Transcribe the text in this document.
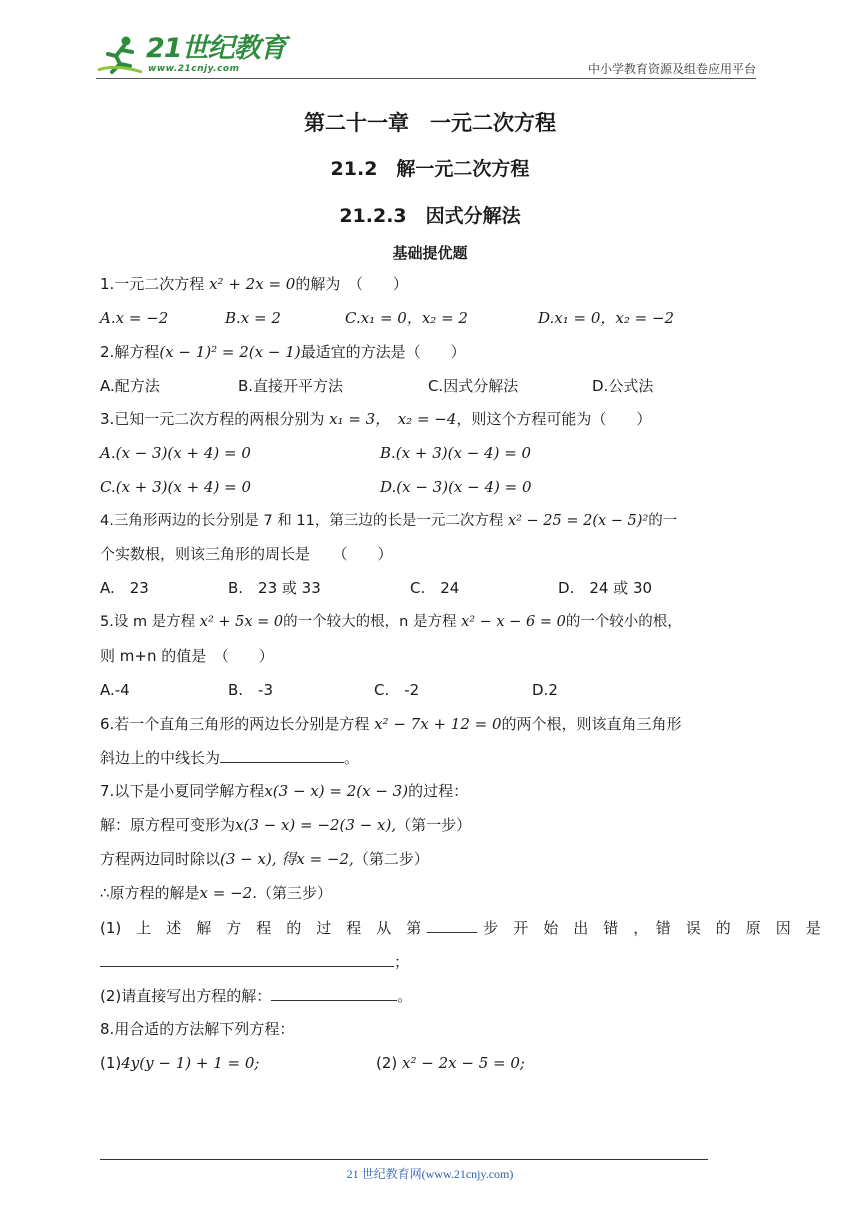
21世纪教育
www.21cnjy.com	中小学教育资源及组卷应用平台
第二十一章　一元二次方程
21.2　解一元二次方程
21.2.3　因式分解法
基础提优题
1.一元二次方程 x² + 2x = 0的解为　（　　）
A.x = −2	B.x = 2	C.x₁ = 0，x₂ = 2	D.x₁ = 0，x₂ = −2
2.解方程(x − 1)² = 2(x − 1)最适宜的方法是（　　）
A.配方法	B.直接开平方法	C.因式分解法	D.公式法
3.已知一元二次方程的两根分别为 x₁ = 3，　x₂ = −4，则这个方程可能为（　　）
A.(x − 3)(x + 4) = 0	B.(x + 3)(x − 4) = 0
C.(x + 3)(x + 4) = 0	D.(x − 3)(x − 4) = 0
4.三角形两边的长分别是 7 和 11，第三边的长是一元二次方程 x² − 25 = 2(x − 5)²的一
个实数根，则该三角形的周长是　　（　　）
A.　23	B.　23 或 33	C.　24	D.　24 或 30
5.设 m 是方程 x² + 5x = 0的一个较大的根，n 是方程 x² − x − 6 = 0的一个较小的根，
则 m+n 的值是　（　　）
A.-4	B.　-3	C.　-2	D.2
6.若一个直角三角形的两边长分别是方程 x² − 7x + 12 = 0的两个根，则该直角三角形
斜边上的中线长为	。
7.以下是小夏同学解方程x(3 − x) = 2(x − 3)的过程：
解：原方程可变形为x(3 − x) = −2(3 − x),（第一步）
方程两边同时除以(3 − x), 得x = −2,（第二步）
∴原方程的解是x = −2.（第三步）
(1)　上　述　解　方　程　的　过　程　从　第	步　开　始　出　错　，　错　误　的　原　因　是
；
(2)请直接写出方程的解：	。
8.用合适的方法解下列方程：
(1)4y(y − 1) + 1 = 0;	(2) x² − 2x − 5 = 0;
21 世纪教育网(www.21cnjy.com)
